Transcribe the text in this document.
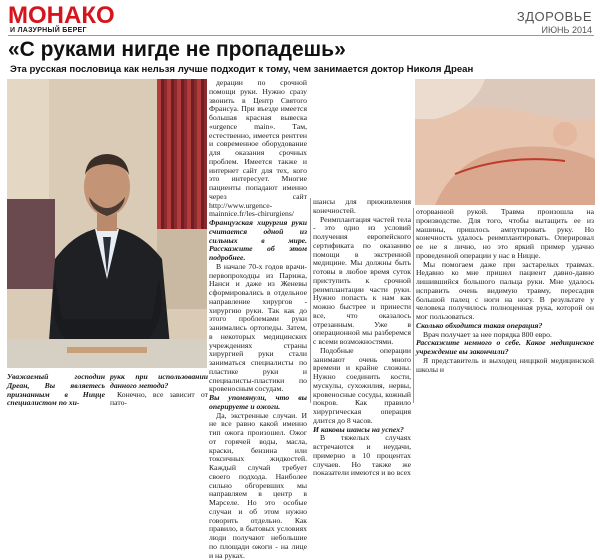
МОНАКО
И ЛАЗУРНЫЙ БЕРЕГ
ЗДОРОВЬЕ
ИЮНЬ 2014
«С руками нигде не пропадешь»
Эта русская пословица как нельзя лучше подходит к тому, чем занимается доктор Николя Дреан

дерации по срочной помощи руки. Нужно сразу звонить в Центр Святого Франсуа. При въезде имеется большая красная вывеска «urgence main». Там, естественно, имеется рентген и современное оборудование для оказания срочных проблем. Имеется также и интернет сайт для тех, кого это интересует. Многие пациенты попадают именно через сайт http://www.urgence-mainnice.fr/les-chirurgiens/

Французская хирургия руки считается одной из сильных в мире. Расскажите об этом подробнее.

В начале 70-х годов врачи-первопроходцы из Парижа, Нанси и даже из Женевы сформировались в отдельное направление хирургов - хирургию руки. Так как до этого проблемами руки занимались ортопеды. Затем, в некоторых медицинских учреждениях страны хирургией руки стали заниматься специалисты по пластике руки и специалисты-пластики по кровеносным сосудам.

Вы упомянули, что вы оперируете и ожоги.

Да, экстренные случаи. И не все равно какой именно тип ожога произошел. Ожог от горячей воды, масла, краски, бензина или токсичных жидкостей. Каждый случай требует своего подхода. Наиболее сильно обгоревших мы направляем в центр в Марселе. Но это особые случаи и об этом нужно говорить отдельно. Как правило, в бытовых условиях люди получают небольшие по площади ожоги - на лице и на руках.

шансы для приживления конечностей.

Реимплантация частей тела - это одно из условий получения европейского сертификата по оказанию помощи в экстренной медицине. Мы должны быть готовы в любое время суток приступить к срочной реимплантации части руки. Нужно попасть к нам как можно быстрее и принести все, что оказалось отрезанным. Уже в операционной мы разберемся с всеми возможностями.

Подобные операции занимают очень много времени и крайне сложны. Нужно соединить кости, мускулы, сухожилия, нервы, кровеносные сосуды, кожный покров. Как правило хирургическая операция длится до 8 часов.

И каковы шансы на успех?

В тяжелых случаях встречаются и неудачи, примерно в 10 процентах случаев. Но также же показатели имеются и во всех

оторванной рукой. Травма произошла на производстве. Для того, чтобы вытащить ее из машины, пришлось ампутировать руку. Но конечность удалось реимплантировать. Оперировал ее не я лично, но это яркий пример удачно проведенной операции у нас в Ницце.

Мы помогаем даже при застарелых травмах. Недавно ко мне пришел пациент давно-давно лишившийся большого пальца руки. Мне удалось исправить очень видимую травму, пересадив большой палец с ноги на ногу. В результате у человека получилось полноценная рука, которой он мог пользоваться.

Сколько обходится такая операция?

Врач получает за нее порядка 800 евро.

Расскажите немного о себе. Какое медицинское учреждение вы закончили?

Я представитель и выходец ниццкой медицинской школы и

Уважаемый господин Дреан, Вы являетесь признанным в Ницце специалистом по хи-

рукк при использовании данного метода?

Конечно, все зависит от пато-
